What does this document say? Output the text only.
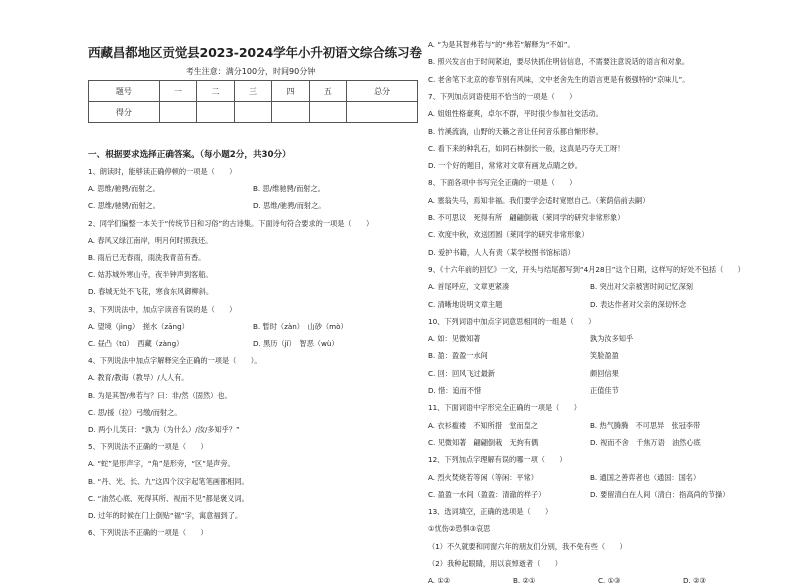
西藏昌都地区贡觉县2023-2024学年小升初语文综合练习卷
考生注意：满分100分，时间90分钟
题号	一	二	三	四	五	总分
得分						
一、根据要求选择正确答案。（每小题2分，共30分）
1、朗读时，能够读正确停顿的一项是（　　）
A. 思维/驰骋/而射之。	B. 思/维驰骋/而射之。
C. 思维/驰骋/而射之。	D. 思维/驰骋/而射之。
2、同学们编整一本关于“传统节日和习俗”的古诗集。下面诗句符合要求的一项是（　　）
A. 春风又绿江南岸，明月何时照我还。
B. 雨后已无春雨，雨洗我青苗有香。
C. 姑苏城外寒山寺，夜半钟声到客船。
D. 春城无处不飞花，寒食东风御柳斜。
3、下列说法中，加点字读音有误的是（　　）
A. 望境（jìng）　搓水（zāng）	B. 暂时（zàn）　山砂（mò）
C. 昼凸（tū）　西藏（zàng）	D. 黑历（jǐ）　智恶（wù）
4、下列说法中加点字解释完全正确的一项是（　　）。
A. 教育/教诲（教导）/人人有。
B. 为是其智/弗若与？曰：非/然（固然）也。
C. 思/援（拉）弓缴/而射之。
D. 两小儿笑曰：“孰为（为什么）/汝/多知乎？”
5、下列说法不正确的一项是（　　）
A. “蛇”是形声字，“角”是形旁，“区”是声旁。
B. “丹、光、长、九”这四个汉字起笔笔画都相同。
C. “油然心底、死得其所、视而不见”都是褒义词。
D. 过年的时候在门上倒贴“福”字，寓意福到了。
6、下列说法不正确的一项是（　　）
A. “为是其智弗若与”的“弗若”解释为“不如”。
B. 照兴发言由于时间紧迫，要尽快抓住明信信息，不需要注意说话的语言和对象。
C. 老舍笔下北京的春节别有风味，文中老舍先生的语言更是有极强特的“京味儿”。
7、下列加点词语使用不恰当的一项是（　　）
A. 姐姐性格豪爽，卓尔不群，平时很少参加社交活动。
B. 竹溪流淌，山野的天籁之音让任何音乐都自惭形秽。
C. 看下来的种乳石，如同石林倒长一般，这真是巧夺天工呀！
D. 一个好的题目，常常对文章有画龙点睛之妙。
8、下面各项中书写完全正确的一项是（　　）
A. 塞翁失马，焉知非福。我们要学会适时宽慰自己。（莱荫倍前去嗣）
B. 不可思议　死得有所　翩翩倒栽（莱同学的研究非常形象）
C. 欢度中秋，欢送团圆（莱同学的研究非常形象）
D. 爱护书籍，人人有责（某学校图书馆标语）
9、《十六年前的回忆》一文，开头与结尾都写到“4月28日”这个日期，这样写的好处不包括（　　）
A. 首尾呼应，文章更紧凑	B. 突出对父亲被害时间记忆深刻
C. 清晰地说明文章主题	D. 表达作者对父亲的深切怀念
10、下列词语中加点字词意思相同的一组是（　　）
A. 如：见微知著	孰为汝多知乎
B. 盈：盈盈一水间	笑脸盈盈
C. 回：回风飞过最新	颇回信果
D. 惜：追而不惜	正值佳节
11、下面词语中字形完全正确的一项是（　　）
A. 衣衫褴褛　不知所措　堂而皇之	B. 热气腾腾　不可思异　张冠李带
C. 见微知著　翩翩倒栽　无拘有偶	D. 视而不舍　千焦万语　油然心底
12、下列加点字理解有误的哪一项（　　）
A. 烈火焚烧若等闲（等闲：平常）	B. 通国之善弈者也（通国：国名）
C. 盈盈一水间（盈盈：清澈的样子）	D. 要留清白在人间（清白：指高尚的节操）
13、选词填空，正确的选项是（　　）
①忧伤②恐惧③哀思
（1）不久就要和同窗六年的朋友们分别，我不免有些（　　）
（2）我种起眼睛，用以哀悼逝者（　　）
A. ①②	B. ②①	C. ①③	D. ②③
